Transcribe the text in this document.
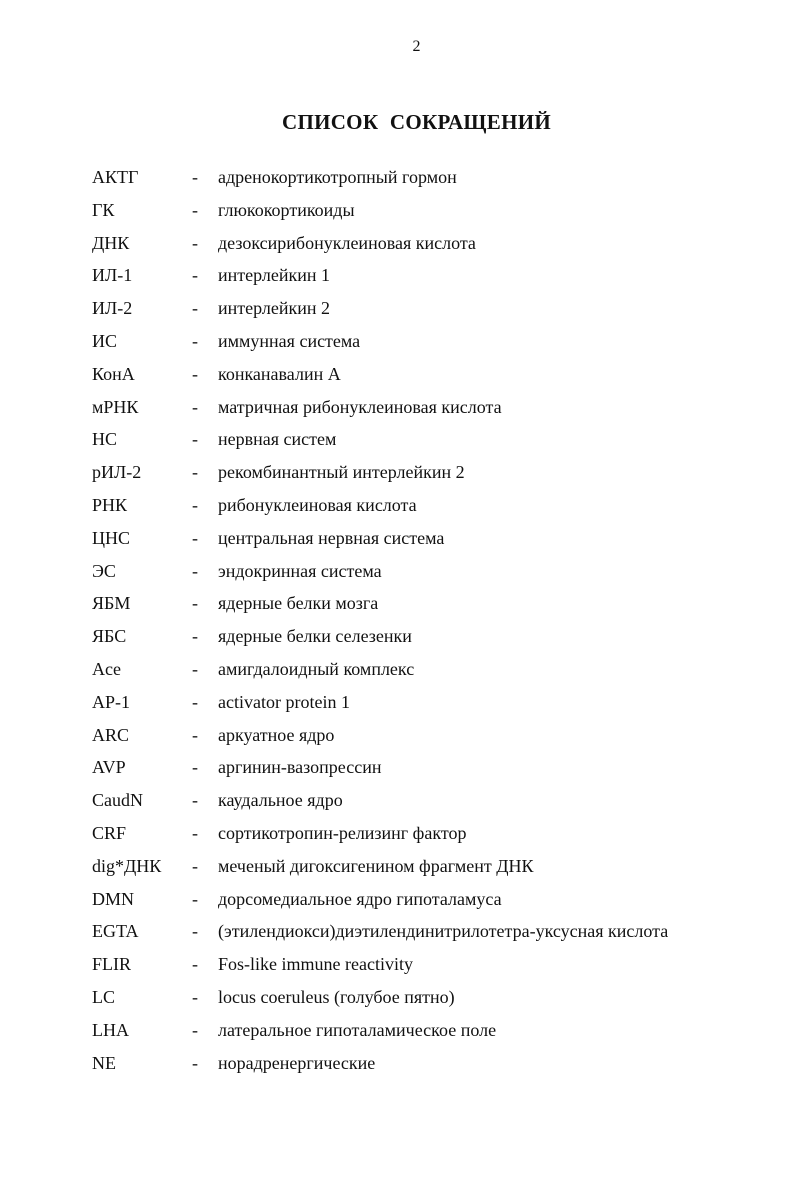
2
СПИСОК СОКРАЩЕНИЙ
АКТГ	-	адренокортикотропный гормон
ГК	-	глюкокортикоиды
ДНК	-	дезоксирибонуклеиновая кислота
ИЛ-1	-	интерлейкин 1
ИЛ-2	-	интерлейкин 2
ИС	-	иммунная система
КонА	-	конканавалин А
мРНК	-	матричная рибонуклеиновая кислота
НС	-	нервная систем
рИЛ-2	-	рекомбинантный интерлейкин 2
РНК	-	рибонуклеиновая кислота
ЦНС	-	центральная нервная система
ЭС	-	эндокринная система
ЯБМ	-	ядерные белки мозга
ЯБС	-	ядерные белки селезенки
Ace	-	амигдалоидный комплекс
AP-1	-	activator protein 1
ARC	-	аркуатное ядро
AVP	-	аргинин-вазопрессин
CaudN	-	каудальное ядро
CRF	-	сортикотропин-релизинг фактор
dig*ДНК	-	меченый дигоксигенином фрагмент ДНК
DMN	-	дорсомедиальное ядро гипоталамуса
EGTA	-	(этилендиокси)диэтилендинитрилотетра-уксусная кислота
FLIR	-	Fos-like immune reactivity
LC	-	locus coeruleus (голубое пятно)
LHA	-	латеральное гипоталамическое поле
NE	-	норадренергические
